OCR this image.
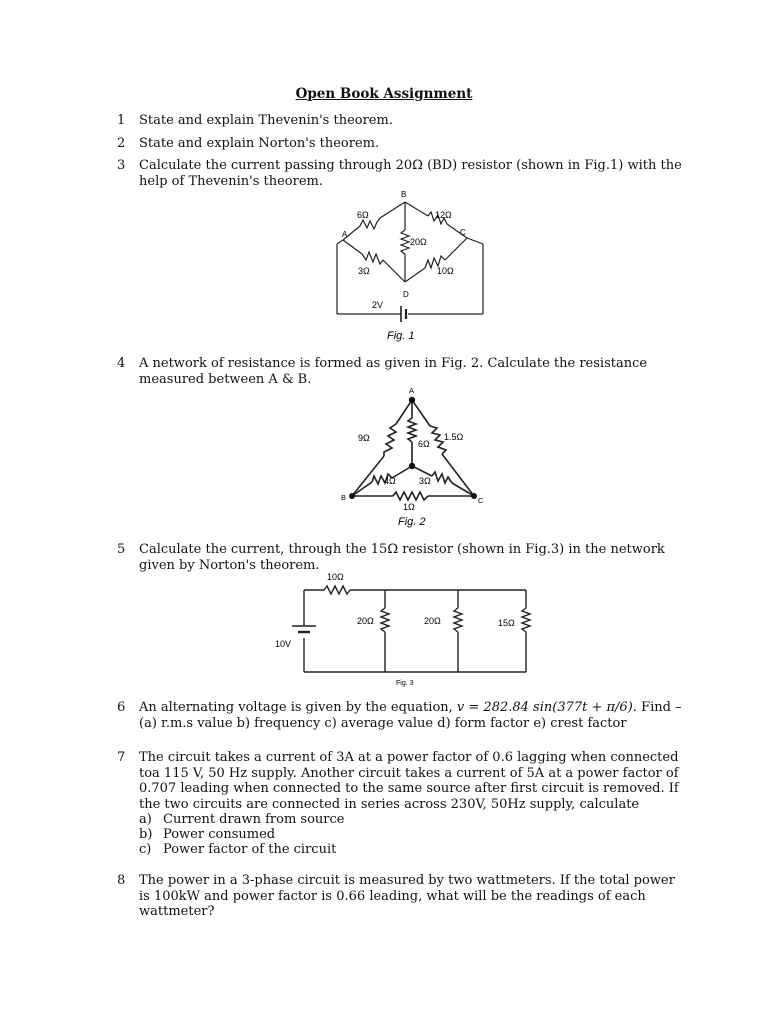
Open Book Assignment
1	State and explain Thevenin's theorem.
2	State and explain Norton's theorem.
3	Calculate the current passing through 20Ω (BD) resistor (shown in Fig.1) with the help of Thevenin's theorem.
B
A	C
D
6Ω	12Ω
20Ω
3Ω	10Ω
2V
Fig. 1
4	A network of resistance is formed as given in Fig. 2. Calculate the resistance measured between A & B.
A
B	C
9Ω	1.5Ω
6Ω
4Ω	3Ω
1Ω
Fig. 2
5	Calculate the current, through the 15Ω resistor (shown in Fig.3) in the network given by Norton's theorem.
10Ω
20Ω	20Ω	15Ω
10V
Fig. 3
6	An alternating voltage is given by the equation, v = 282.84 sin(377t + π/6). Find – (a) r.m.s value b) frequency c) average value d) form factor e) crest factor
7	The circuit takes a current of 3A at a power factor of 0.6 lagging when connected toa 115 V, 50 Hz supply. Another circuit takes a current of 5A at a power factor of 0.707 leading when connected to the same source after first circuit is removed. If the two circuits are connected in series across 230V, 50Hz supply, calculate
a) Current drawn from source
b) Power consumed
c) Power factor of the circuit
8	The power in a 3-phase circuit is measured by two wattmeters. If the total power is 100kW and power factor is 0.66 leading, what will be the readings of each wattmeter?
